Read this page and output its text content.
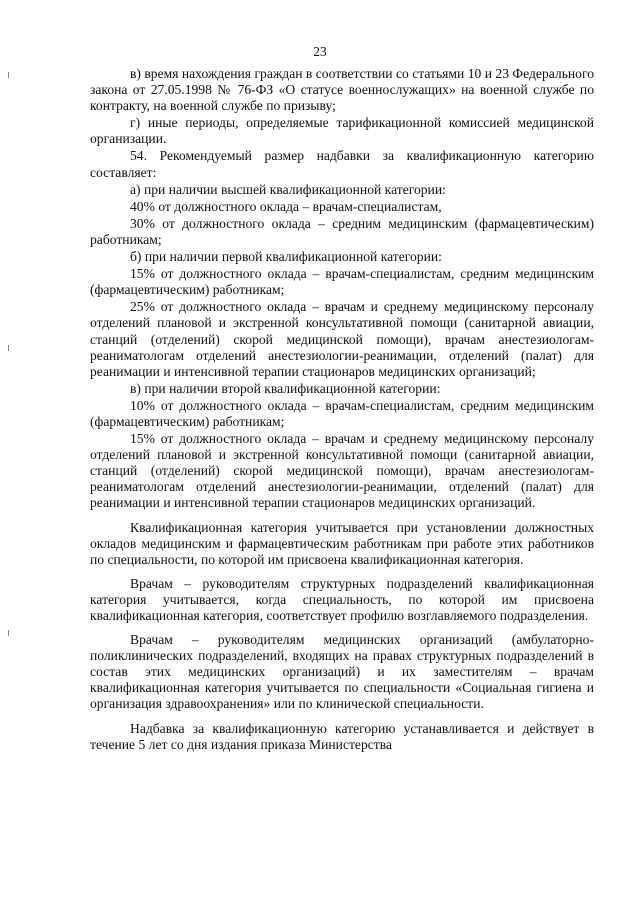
23

в) время нахождения граждан в соответствии со статьями 10 и 23 Федерального закона от 27.05.1998 № 76-ФЗ «О статусе военнослужащих» на военной службе по контракту, на военной службе по призыву;

г) иные периоды, определяемые тарификационной комиссией медицинской организации.

54. Рекомендуемый размер надбавки за квалификационную категорию составляет:

а) при наличии высшей квалификационной категории:

40% от должностного оклада – врачам-специалистам,

30% от должностного оклада – средним медицинским (фармацевтическим) работникам;

б) при наличии первой квалификационной категории:

15% от должностного оклада – врачам-специалистам, средним медицинским (фармацевтическим) работникам;

25% от должностного оклада – врачам и среднему медицинскому персоналу отделений плановой и экстренной консультативной помощи (санитарной авиации, станций (отделений) скорой медицинской помощи), врачам анестезиологам-реаниматологам отделений анестезиологии-реанимации, отделений (палат) для реанимации и интенсивной терапии стационаров медицинских организаций;

в) при наличии второй квалификационной категории:

10% от должностного оклада – врачам-специалистам, средним медицинским (фармацевтическим) работникам;

15% от должностного оклада – врачам и среднему медицинскому персоналу отделений плановой и экстренной консультативной помощи (санитарной авиации, станций (отделений) скорой медицинской помощи), врачам анестезиологам-реаниматологам отделений анестезиологии-реанимации, отделений (палат) для реанимации и интенсивной терапии стационаров медицинских организаций.

Квалификационная категория учитывается при установлении должностных окладов медицинским и фармацевтическим работникам при работе этих работников по специальности, по которой им присвоена квалификационная категория.

Врачам – руководителям структурных подразделений квалификационная категория учитывается, когда специальность, по которой им присвоена квалификационная категория, соответствует профилю возглавляемого подразделения.

Врачам – руководителям медицинских организаций (амбулаторно-поликлинических подразделений, входящих на правах структурных подразделений в состав этих медицинских организаций) и их заместителям – врачам квалификационная категория учитывается по специальности «Социальная гигиена и организация здравоохранения» или по клинической специальности.

Надбавка за квалификационную категорию устанавливается и действует в течение 5 лет со дня издания приказа Министерства
